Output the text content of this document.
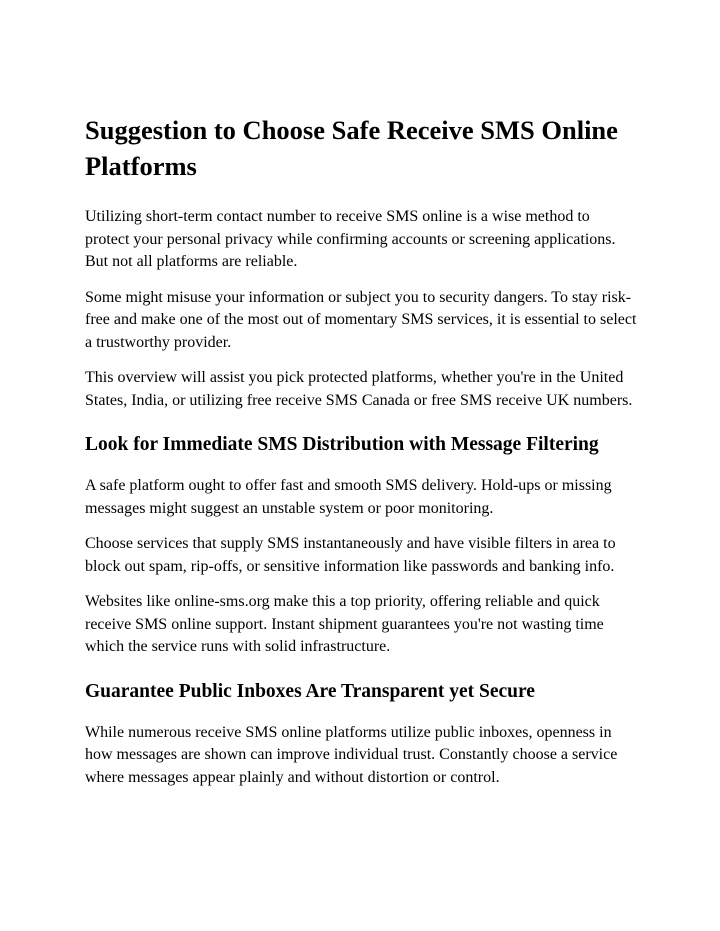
Suggestion to Choose Safe Receive SMS Online Platforms

Utilizing short-term contact number to receive SMS online is a wise method to protect your personal privacy while confirming accounts or screening applications. But not all platforms are reliable.

Some might misuse your information or subject you to security dangers. To stay risk-free and make one of the most out of momentary SMS services, it is essential to select a trustworthy provider.

This overview will assist you pick protected platforms, whether you're in the United States, India, or utilizing free receive SMS Canada or free SMS receive UK numbers.

Look for Immediate SMS Distribution with Message Filtering

A safe platform ought to offer fast and smooth SMS delivery. Hold-ups or missing messages might suggest an unstable system or poor monitoring.

Choose services that supply SMS instantaneously and have visible filters in area to block out spam, rip-offs, or sensitive information like passwords and banking info.

Websites like online-sms.org make this a top priority, offering reliable and quick receive SMS online support. Instant shipment guarantees you're not wasting time which the service runs with solid infrastructure.

Guarantee Public Inboxes Are Transparent yet Secure

While numerous receive SMS online platforms utilize public inboxes, openness in how messages are shown can improve individual trust. Constantly choose a service where messages appear plainly and without distortion or control.
